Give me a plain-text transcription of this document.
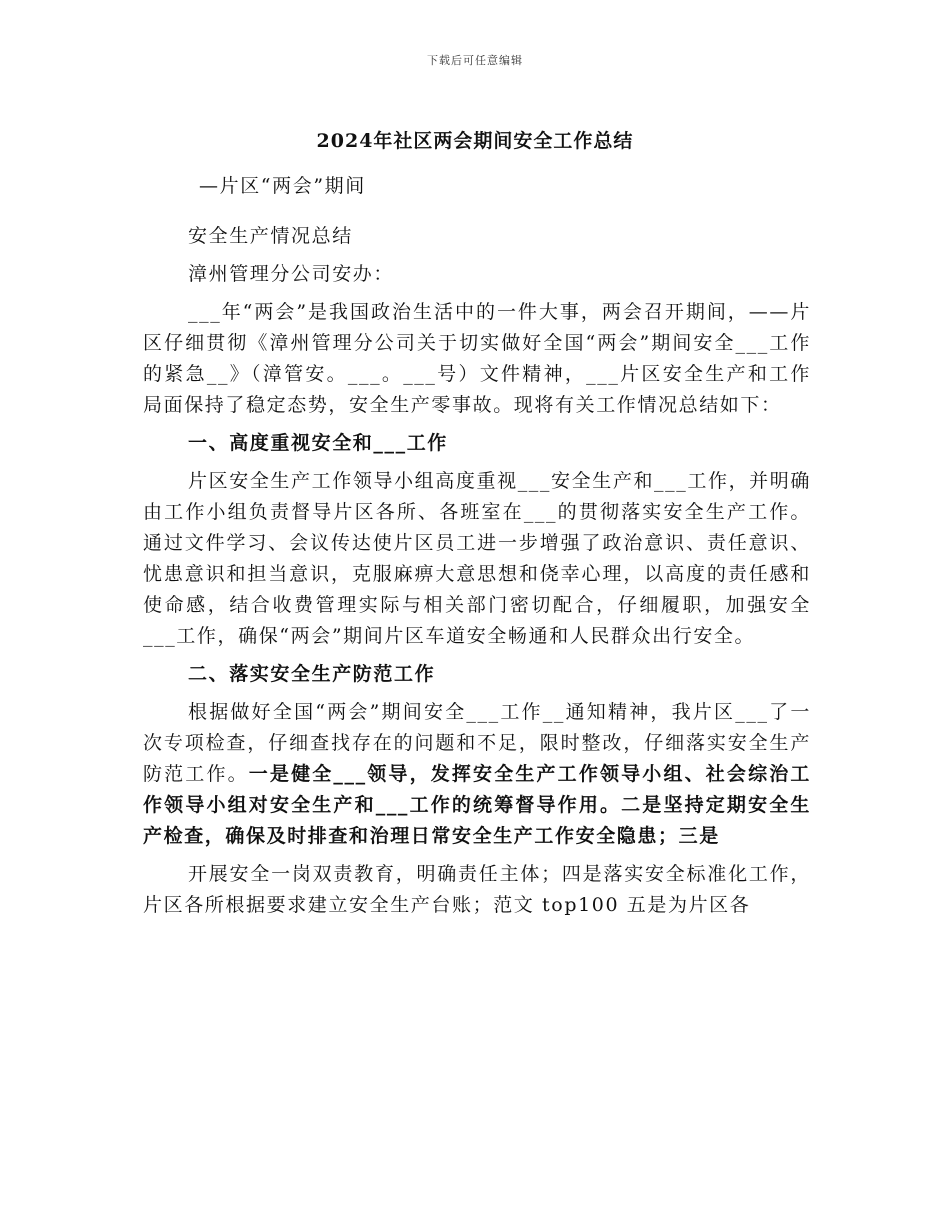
下载后可任意编辑
2024年社区两会期间安全工作总结

—片区“两会”期间

安全生产情况总结

漳州管理分公司安办：

___年“两会”是我国政治生活中的一件大事，两会召开期间，——片区仔细贯彻《漳州管理分公司关于切实做好全国“两会”期间安全___工作的紧急__》（漳管安。___。___号）文件精神，___片区安全生产和工作局面保持了稳定态势，安全生产零事故。现将有关工作情况总结如下：

一、高度重视安全和___工作

片区安全生产工作领导小组高度重视___安全生产和___工作，并明确由工作小组负责督导片区各所、各班室在___的贯彻落实安全生产工作。通过文件学习、会议传达使片区员工进一步增强了政治意识、责任意识、忧患意识和担当意识，克服麻痹大意思想和侥幸心理，以高度的责任感和使命感，结合收费管理实际与相关部门密切配合，仔细履职，加强安全___工作，确保“两会”期间片区车道安全畅通和人民群众出行安全。

二、落实安全生产防范工作

根据做好全国“两会”期间安全___工作__通知精神，我片区___了一次专项检查，仔细查找存在的问题和不足，限时整改，仔细落实安全生产防范工作。一是健全___领导，发挥安全生产工作领导小组、社会综治工作领导小组对安全生产和___工作的统筹督导作用。二是坚持定期安全生产检查，确保及时排查和治理日常安全生产工作安全隐患；三是

开展安全一岗双责教育，明确责任主体；四是落实安全标准化工作，片区各所根据要求建立安全生产台账；范文 top100 五是为片区各
